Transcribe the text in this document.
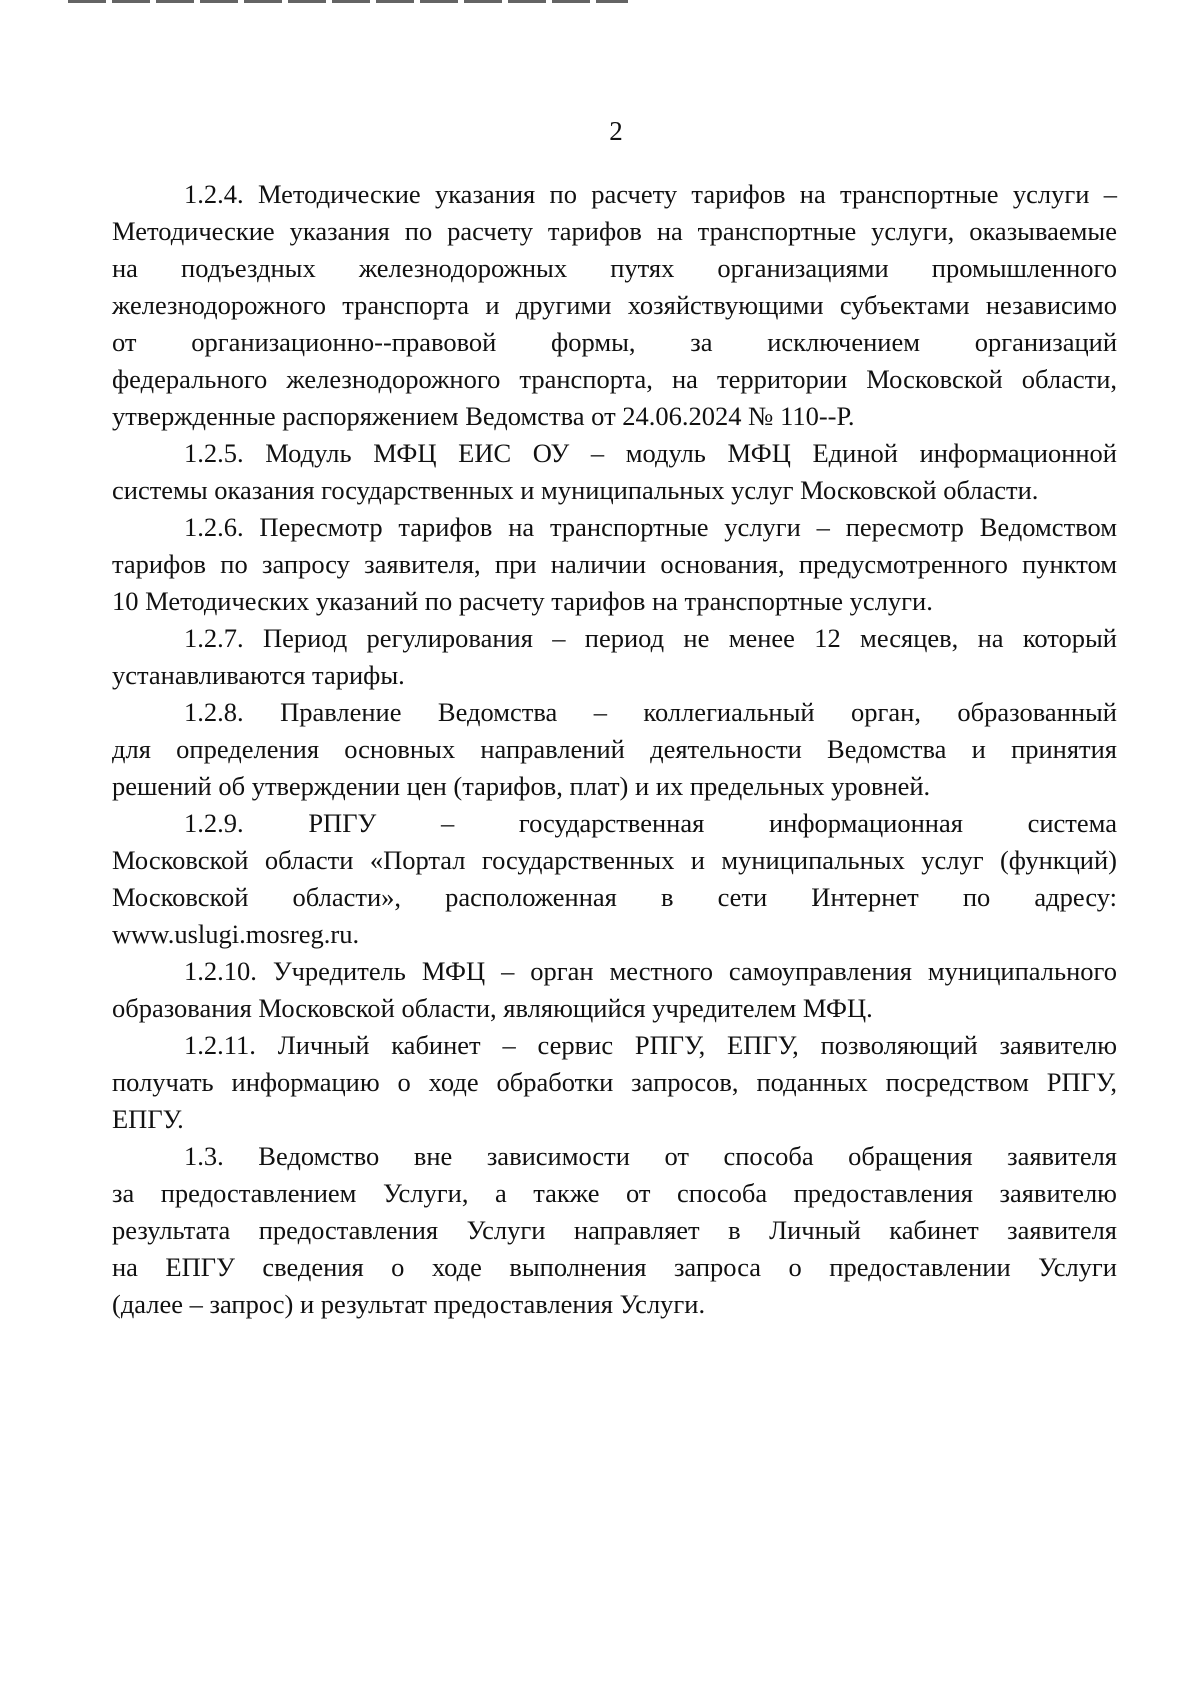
2
1.2.4. Методические указания по расчету тарифов на транспортные услуги –
Методические указания по расчету тарифов на транспортные услуги, оказываемые
на подъездных железнодорожных путях организациями промышленного
железнодорожного транспорта и другими хозяйствующими субъектами независимо
от организационно‑‑правовой формы, за исключением организаций
федерального железнодорожного транспорта, на территории Московской области,
утвержденные распоряжением Ведомства от 24.06.2024 № 110‑‑Р.
1.2.5. Модуль МФЦ ЕИС ОУ – модуль МФЦ Единой информационной
системы оказания государственных и муниципальных услуг Московской области.
1.2.6. Пересмотр тарифов на транспортные услуги – пересмотр Ведомством
тарифов по запросу заявителя, при наличии основания, предусмотренного пунктом
10 Методических указаний по расчету тарифов на транспортные услуги.
1.2.7. Период регулирования – период не менее 12 месяцев, на который
устанавливаются тарифы.
1.2.8. Правление Ведомства – коллегиальный орган, образованный
для определения основных направлений деятельности Ведомства и принятия
решений об утверждении цен (тарифов, плат) и их предельных уровней.
1.2.9. РПГУ – государственная информационная система
Московской области «Портал государственных и муниципальных услуг (функций)
Московской области», расположенная в сети Интернет по адресу:
www.uslugi.mosreg.ru.
1.2.10. Учредитель МФЦ – орган местного самоуправления муниципального
образования Московской области, являющийся учредителем МФЦ.
1.2.11. Личный кабинет – сервис РПГУ, ЕПГУ, позволяющий заявителю
получать информацию о ходе обработки запросов, поданных посредством РПГУ,
ЕПГУ.
1.3. Ведомство вне зависимости от способа обращения заявителя
за предоставлением Услуги, а также от способа предоставления заявителю
результата предоставления Услуги направляет в Личный кабинет заявителя
на ЕПГУ сведения о ходе выполнения запроса о предоставлении Услуги
(далее – запрос) и результат предоставления Услуги.
